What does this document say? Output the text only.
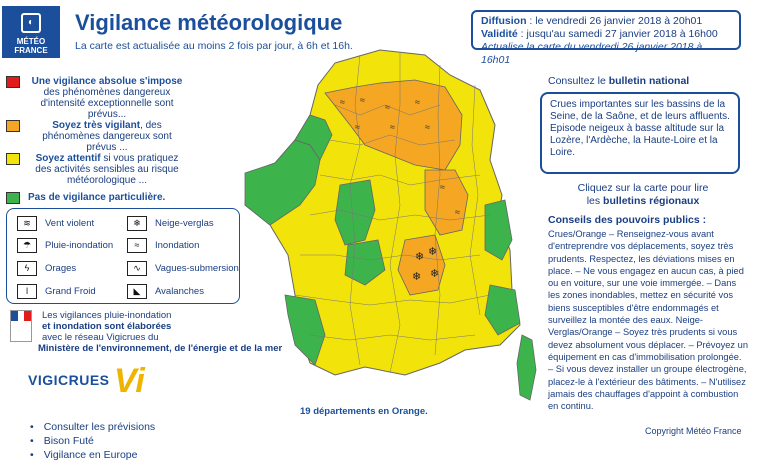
◐
MÉTÉO
FRANCE
Vigilance météorologique
La carte est actualisée au moins 2 fois par jour, à 6h et 16h.
Diffusion : le vendredi 26 janvier 2018 à 20h01
Validité : jusqu'au samedi 27 janvier 2018 à 16h00
Actualise la carte du vendredi 26 janvier 2018 à 16h01
Une vigilance absolue s'impose
des phénomènes dangereux d'intensité exceptionnelle sont prévus...
Soyez très vigilant, des phénomènes dangereux sont prévus ...
Soyez attentif si vous pratiquez des activités sensibles au risque météorologique ...
Pas de vigilance particulière.
≋	Vent violent	❄	Neige-verglas
☂	Pluie-inondation	≈	Inondation
ϟ	Orages	∿	Vagues-submersion
ǀ	Grand Froid	◣	Avalanches
Les vigilances pluie-inondation
et inondation sont élaborées
avec le réseau Vigicrues du
Ministère de l'environnement, de l'énergie et de la mer
VIGICRUES Vi
• Consulter les prévisions
• Bison Futé
• Vigilance en Europe
≈ ≈
≈	≈
≈	≈	≈
≈
≈
❄ ❄
❄ ❄
19 départements en Orange.
Consultez le bulletin national
Crues importantes sur les bassins de la Seine, de la Saône, et de leurs affluents.
Episode neigeux à basse altitude sur la Lozère, l'Ardèche, la Haute-Loire et la Loire.
Cliquez sur la carte pour lire
les bulletins régionaux
Conseils des pouvoirs publics :
Crues/Orange – Renseignez-vous avant d'entreprendre vos déplacements, soyez très prudents. Respectez, les déviations mises en place. – Ne vous engagez en aucun cas, à pied ou en voiture, sur une voie immergée. – Dans les zones inondables, mettez en sécurité vos biens susceptibles d'être endommagés et surveillez la montée des eaux. Neige-Verglas/Orange – Soyez très prudents si vous devez absolument vous déplacer. – Prévoyez un équipement en cas d'immobilisation prolongée. – Si vous devez installer un groupe électrogène, placez-le à l'extérieur des bâtiments. – N'utilisez jamais des chauffages d'appoint à combustion en continu.
Copyright Météo France
